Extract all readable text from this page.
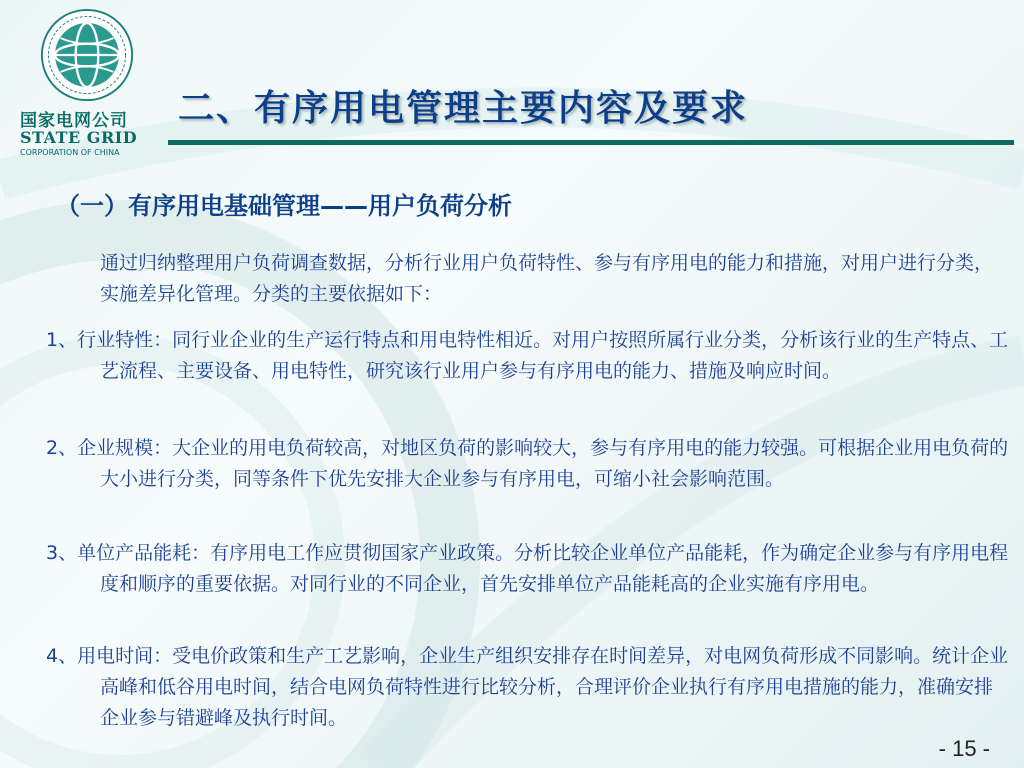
国家电网公司
STATE GRID
CORPORATION OF CHINA
二、有序用电管理主要内容及要求
（一）有序用电基础管理——用户负荷分析
通过归纳整理用户负荷调查数据，分析行业用户负荷特性、参与有序用电的能力和措施，对用户进行分类，实施差异化管理。分类的主要依据如下：
1、行业特性：同行业企业的生产运行特点和用电特性相近。对用户按照所属行业分类，分析该行业的生产特点、工艺流程、主要设备、用电特性，研究该行业用户参与有序用电的能力、措施及响应时间。
2、企业规模：大企业的用电负荷较高，对地区负荷的影响较大，参与有序用电的能力较强。可根据企业用电负荷的大小进行分类，同等条件下优先安排大企业参与有序用电，可缩小社会影响范围。
3、单位产品能耗：有序用电工作应贯彻国家产业政策。分析比较企业单位产品能耗，作为确定企业参与有序用电程度和顺序的重要依据。对同行业的不同企业，首先安排单位产品能耗高的企业实施有序用电。
4、用电时间：受电价政策和生产工艺影响，企业生产组织安排存在时间差异，对电网负荷形成不同影响。统计企业高峰和低谷用电时间，结合电网负荷特性进行比较分析，合理评价企业执行有序用电措施的能力，准确安排企业参与错避峰及执行时间。
- 15 -
